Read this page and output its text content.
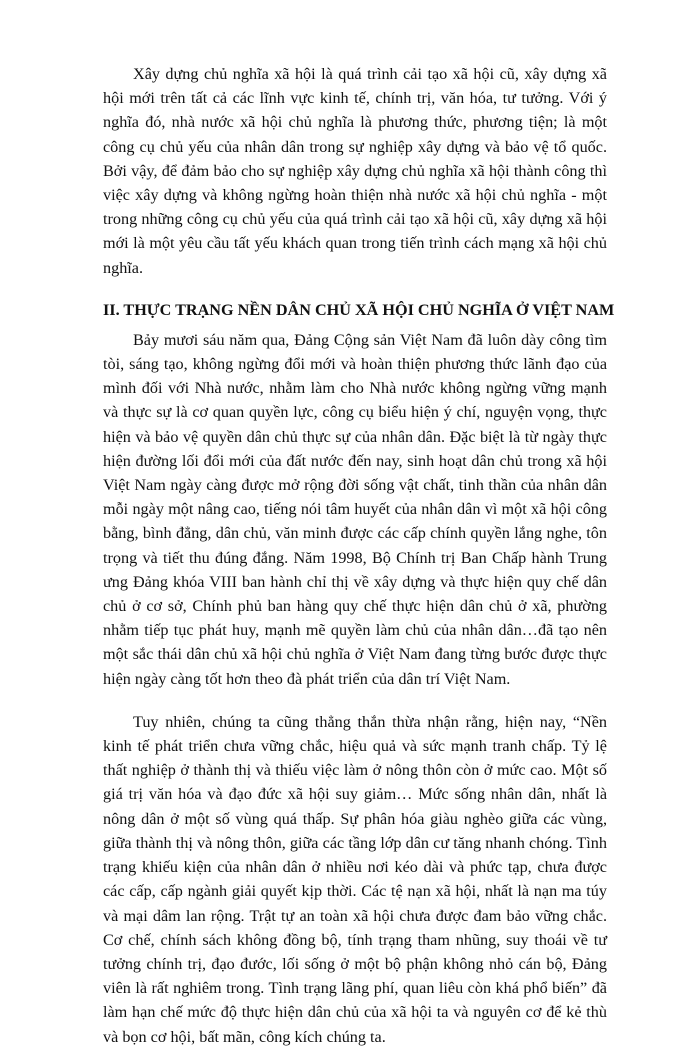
Xây dựng chủ nghĩa xã hội là quá trình cải tạo xã hội cũ, xây dựng xã hội mới trên tất cả các lĩnh vực kinh tế, chính trị, văn hóa, tư tưởng. Với ý nghĩa đó, nhà nước xã hội chủ nghĩa là phương thức, phương tiện; là một công cụ chủ yếu của nhân dân trong sự nghiệp xây dựng và bảo vệ tổ quốc. Bởi vậy, để đảm bảo cho sự nghiệp xây dựng chủ nghĩa xã hội thành công thì việc xây dựng và không ngừng hoàn thiện nhà nước xã hội chủ nghĩa - một trong những công cụ chủ yếu của quá trình cải tạo xã hội cũ, xây dựng xã hội mới là một yêu cầu tất yếu khách quan trong tiến trình cách mạng xã hội chủ nghĩa.

II. THỰC TRẠNG NỀN DÂN CHỦ XÃ HỘI CHỦ NGHĨA Ở VIỆT NAM

Bảy mươi sáu năm qua, Đảng Cộng sản Việt Nam đã luôn dày công tìm tòi, sáng tạo, không ngừng đổi mới và hoàn thiện phương thức lãnh đạo của mình đối với Nhà nước, nhằm làm cho Nhà nước không ngừng vững mạnh và thực sự là cơ quan quyền lực, công cụ biểu hiện ý chí, nguyện vọng, thực hiện và bảo vệ quyền dân chủ thực sự của nhân dân. Đặc biệt là từ ngày thực hiện đường lối đổi mới của đất nước đến nay, sinh hoạt dân chủ trong xã hội Việt Nam ngày càng được mở rộng đời sống vật chất, tinh thần của nhân dân mỗi ngày một nâng cao, tiếng nói tâm huyết của nhân dân vì một xã hội công bằng, bình đẳng, dân chủ, văn minh được các cấp chính quyền lắng nghe, tôn trọng và tiết thu đúng đắng. Năm 1998, Bộ Chính trị Ban Chấp hành Trung ưng Đảng khóa VIII ban hành chỉ thị về xây dựng và thực hiện quy chế dân chủ ở cơ sở, Chính phủ ban hàng quy chế thực hiện dân chủ ở xã, phường nhằm tiếp tục phát huy, mạnh mẽ quyền làm chủ của nhân dân…đã tạo nên một sắc thái dân chủ xã hội chủ nghĩa ở Việt Nam đang từng bước được thực hiện ngày càng tốt hơn theo đà phát triển của dân trí Việt Nam.

Tuy nhiên, chúng ta cũng thẳng thắn thừa nhận rằng, hiện nay, “Nền kinh tế phát triển chưa vững chắc, hiệu quả và sức mạnh tranh chấp. Tỷ lệ thất nghiệp ở thành thị và thiếu việc làm ở nông thôn còn ở mức cao. Một số giá trị văn hóa và đạo đức xã hội suy giảm… Mức sống nhân dân, nhất là nông dân ở một số vùng quá thấp. Sự phân hóa giàu nghèo giữa các vùng, giữa thành thị và nông thôn, giữa các tầng lớp dân cư tăng nhanh chóng. Tình trạng khiếu kiện của nhân dân ở nhiều nơi kéo dài và phức tạp, chưa được các cấp, cấp ngành giải quyết kịp thời. Các tệ nạn xã hội, nhất là nạn ma túy và mại dâm lan rộng. Trật tự an toàn xã hội chưa được đam bảo vững chắc. Cơ chế, chính sách không đồng bộ, tính trạng tham nhũng, suy thoái về tư tưởng chính trị, đạo đước, lối sống ở một bộ phận không nhỏ cán bộ, Đảng viên là rất nghiêm trong. Tình trạng lãng phí, quan liêu còn khá phổ biến” đã làm hạn chế mức độ thực hiện dân chủ của xã hội ta và nguyên cơ để kẻ thù và bọn cơ hội, bất mãn, công kích chúng ta.
